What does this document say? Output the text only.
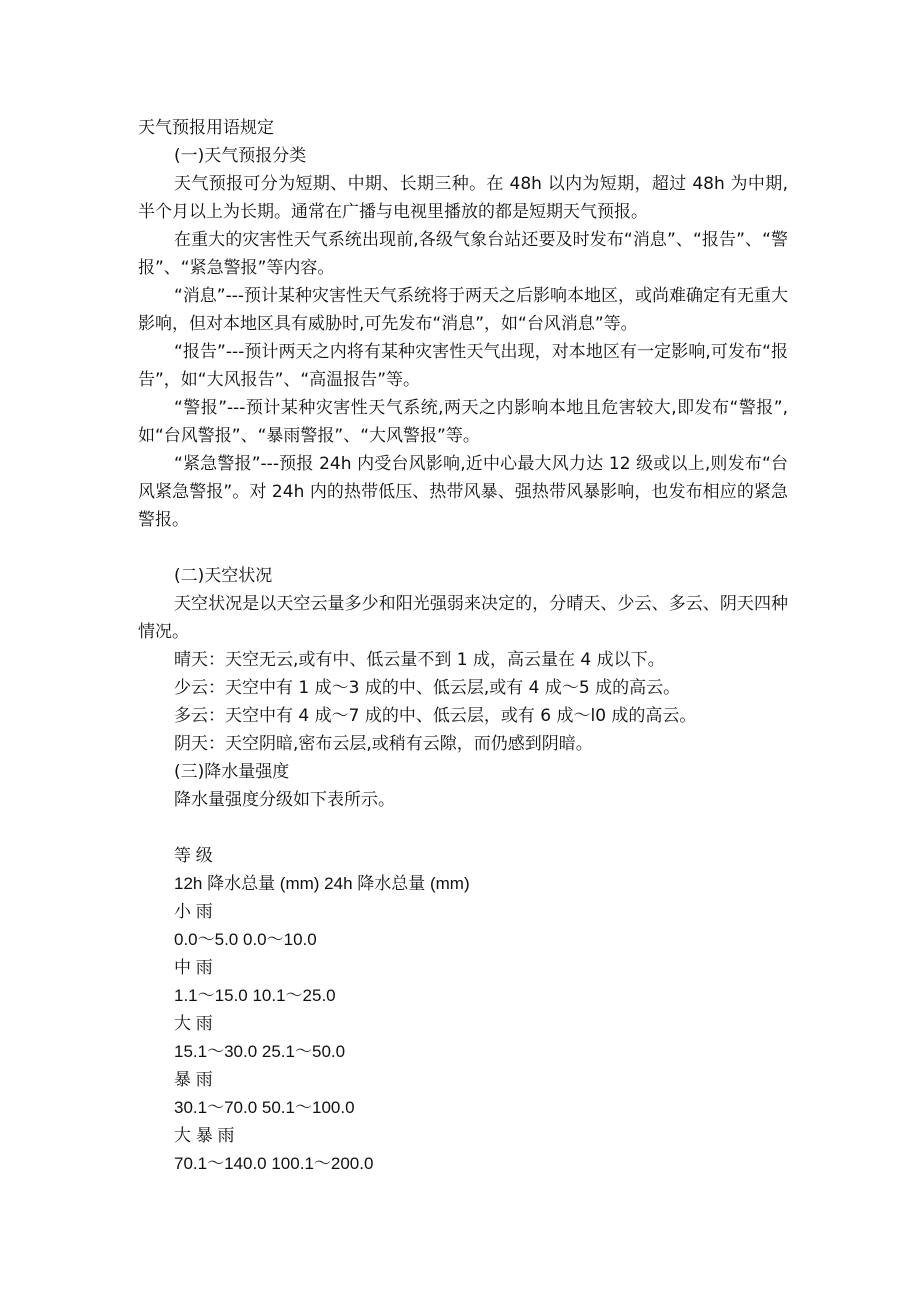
天气预报用语规定

(一)天气预报分类

天气预报可分为短期、中期、长期三种。在 48h 以内为短期，超过 48h 为中期,半个月以上为长期。通常在广播与电视里播放的都是短期天气预报。

在重大的灾害性天气系统出现前,各级气象台站还要及时发布“消息”、“报告”、“警报”、“紧急警报”等内容。

“消息”---预计某种灾害性天气系统将于两天之后影响本地区，或尚难确定有无重大影响，但对本地区具有威胁时,可先发布“消息”，如“台风消息”等。

“报告”---预计两天之内将有某种灾害性天气出现，对本地区有一定影响,可发布“报告”，如“大风报告”、“高温报告”等。

“警报”---预计某种灾害性天气系统,两天之内影响本地且危害较大,即发布“警报”,如“台风警报”、“暴雨警报”、“大风警报”等。

“紧急警报”---预报 24h 内受台风影响,近中心最大风力达 12 级或以上,则发布“台风紧急警报”。对 24h 内的热带低压、热带风暴、强热带风暴影响，也发布相应的紧急警报。

(二)天空状况

天空状况是以天空云量多少和阳光强弱来决定的，分晴天、少云、多云、阴天四种情况。

晴天：天空无云,或有中、低云量不到 1 成，高云量在 4 成以下。

少云：天空中有 1 成～3 成的中、低云层,或有 4 成～5 成的高云。

多云：天空中有 4 成～7 成的中、低云层，或有 6 成～l0 成的高云。

阴天：天空阴暗,密布云层,或稍有云隙，而仍感到阴暗。

(三)降水量强度

降水量强度分级如下表所示。

等 级

12h 降水总量 (mm) 24h 降水总量 (mm)

小 雨

0.0～5.0 0.0～10.0

中 雨

1.1～15.0 10.1～25.0

大 雨

15.1～30.0 25.1～50.0

暴 雨

30.1～70.0 50.1～100.0

大 暴 雨

70.1～140.0 100.1～200.0
